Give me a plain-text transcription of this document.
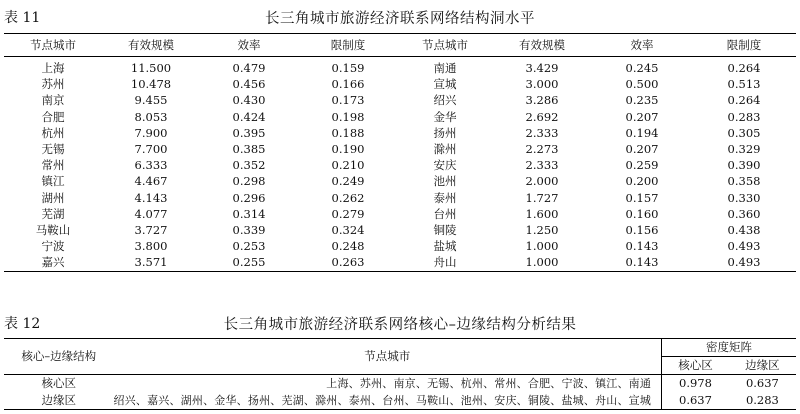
表 11	长三角城市旅游经济联系网络结构洞水平
节点城市	有效规模	效率	限制度	节点城市	有效规模	效率	限制度
上海	11.500	0.479	0.159	南通	3.429	0.245	0.264
苏州	10.478	0.456	0.166	宣城	3.000	0.500	0.513
南京	9.455	0.430	0.173	绍兴	3.286	0.235	0.264
合肥	8.053	0.424	0.198	金华	2.692	0.207	0.283
杭州	7.900	0.395	0.188	扬州	2.333	0.194	0.305
无锡	7.700	0.385	0.190	滁州	2.273	0.207	0.329
常州	6.333	0.352	0.210	安庆	2.333	0.259	0.390
镇江	4.467	0.298	0.249	池州	2.000	0.200	0.358
湖州	4.143	0.296	0.262	泰州	1.727	0.157	0.330
芜湖	4.077	0.314	0.279	台州	1.600	0.160	0.360
马鞍山	3.727	0.339	0.324	铜陵	1.250	0.156	0.438
宁波	3.800	0.253	0.248	盐城	1.000	0.143	0.493
嘉兴	3.571	0.255	0.263	舟山	1.000	0.143	0.493
表 12	长三角城市旅游经济联系网络核心–边缘结构分析结果
核心–边缘结构	节点城市	密度矩阵	
		核心区	边缘区
核心区	上海、苏州、南京、无锡、杭州、常州、合肥、宁波、镇江、南通	0.978	0.637
边缘区	绍兴、嘉兴、湖州、金华、扬州、芜湖、滁州、泰州、台州、马鞍山、池州、安庆、铜陵、盐城、舟山、宣城	0.637	0.283
